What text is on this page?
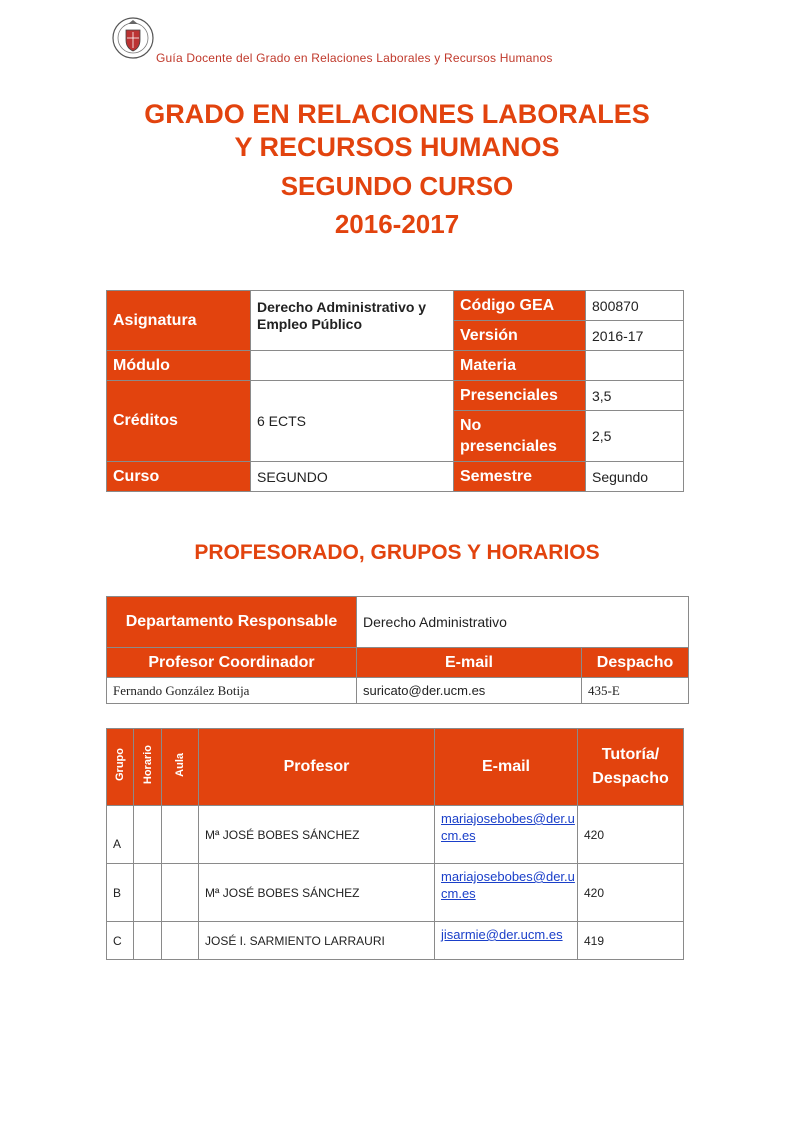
Guía Docente del Grado en Relaciones Laborales y Recursos Humanos
GRADO EN RELACIONES LABORALES
Y RECURSOS HUMANOS
SEGUNDO CURSO
2016-2017
Asignatura	Derecho Administrativo y Empleo Público	Código GEA	800870
		Versión	2016-17
Módulo		Materia	
Créditos	6 ECTS	Presenciales	3,5
		No presenciales	2,5
Curso	SEGUNDO	Semestre	Segundo
PROFESORADO, GRUPOS Y HORARIOS
Departamento Responsable	Derecho Administrativo	
Profesor Coordinador	E-mail	Despacho
Fernando González Botija	suricato@der.ucm.es	435-E
Grupo	Horario	Aula	Profesor	E-mail	Tutoría/ Despacho
A			Mª JOSÉ BOBES SÁNCHEZ	mariajosebobes@der.ucm.es	420
B			Mª JOSÉ BOBES SÁNCHEZ	mariajosebobes@der.ucm.es	420
C			JOSÉ I. SARMIENTO LARRAURI	jisarmie@der.ucm.es	419
